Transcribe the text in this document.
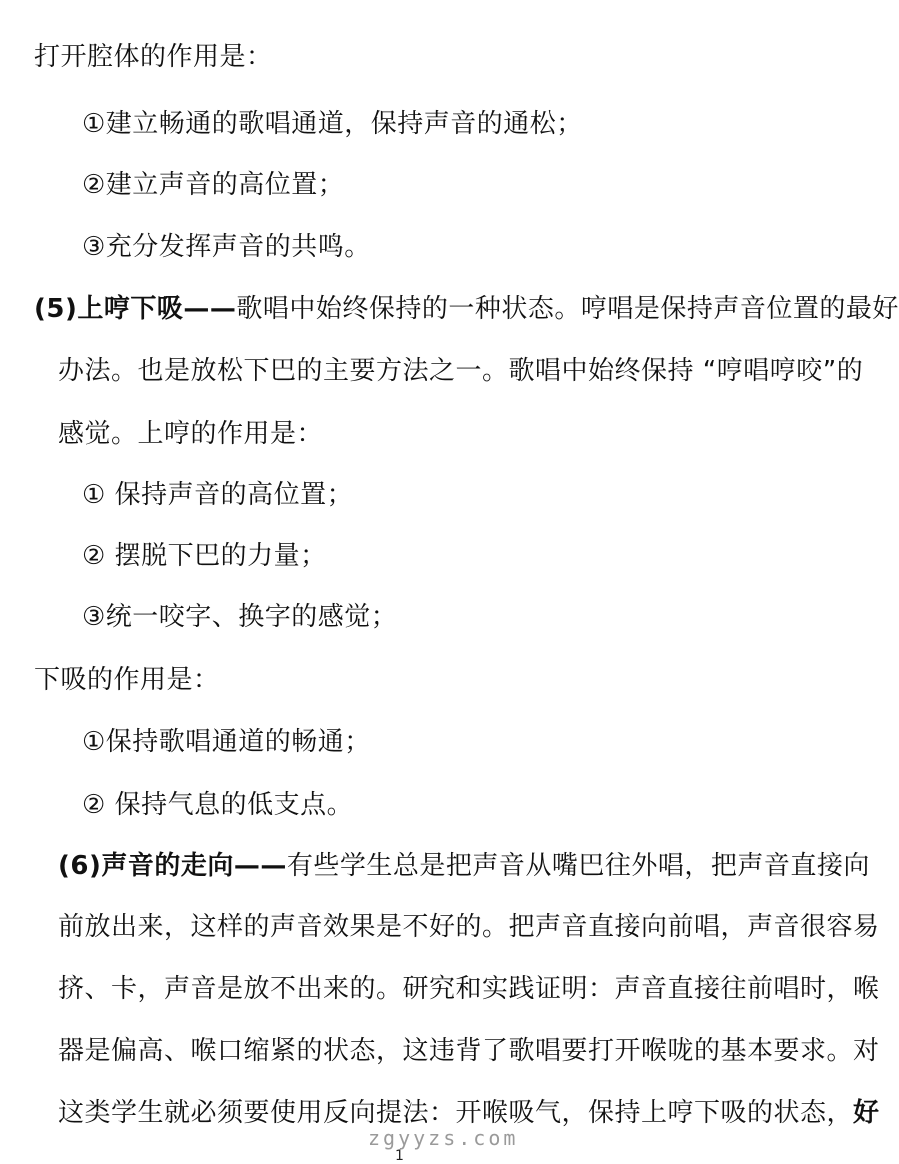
打开腔体的作用是：

①建立畅通的歌唱通道，保持声音的通松；

②建立声音的高位置；

③充分发挥声音的共鸣。

(5)上哼下吸——歌唱中始终保持的一种状态。哼唱是保持声音位置的最好

办法。也是放松下巴的主要方法之一。歌唱中始终保持 “哼唱哼咬”的

感觉。上哼的作用是：

① 保持声音的高位置；

② 摆脱下巴的力量；

③统一咬字、换字的感觉；

下吸的作用是：

①保持歌唱通道的畅通；

② 保持气息的低支点。

(6)声音的走向——有些学生总是把声音从嘴巴往外唱，把声音直接向

前放出来，这样的声音效果是不好的。把声音直接向前唱，声音很容易

挤、卡，声音是放不出来的。研究和实践证明：声音直接往前唱时，喉

器是偏高、喉口缩紧的状态，这违背了歌唱要打开喉咙的基本要求。对

这类学生就必须要使用反向提法：开喉吸气，保持上哼下吸的状态，好

zgyyzs.com
1
